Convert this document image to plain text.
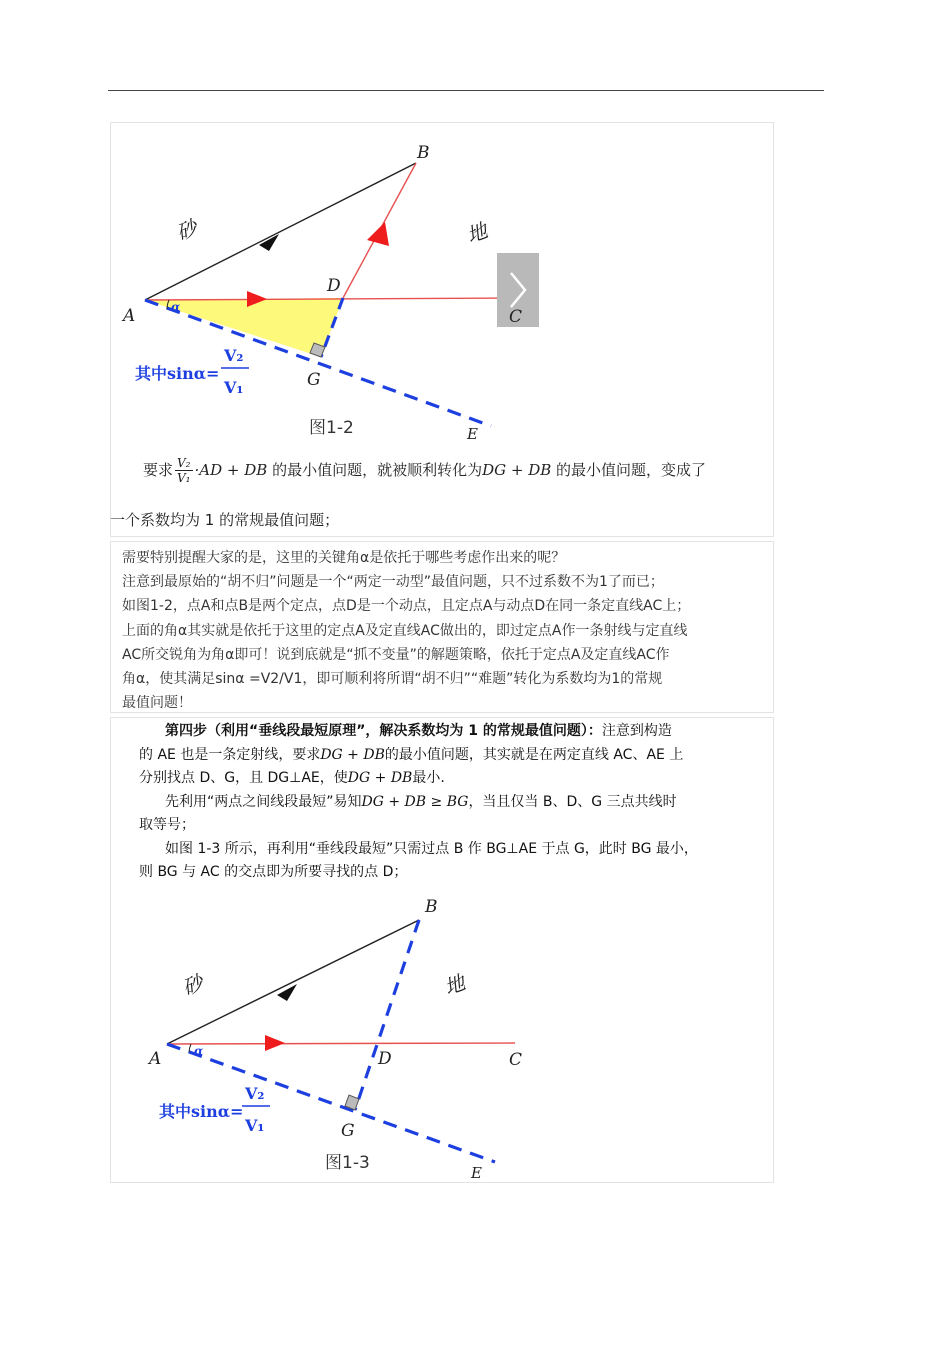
B
A	C
D
G
E
α
砂	地
其中sinα=
V₂
V₁
图1-2
要求 $\frac{\text{V₂}}{\text{V₁}} \cdot AD$ + DB 的最小值问题，就被顺利转化为DG + DB 的最小值问题，变成了
一个系数均为 1 的常规最值问题；
需要特别提醒大家的是，这里的关键角α是依托于哪些考虑作出来的呢？
注意到最原始的“胡不归”问题是一个“两定一动型”最值问题，只不过系数不为1了而已；
如图1-2，点A和点B是两个定点，点D是一个动点，且定点A与动点D在同一条定直线AC上；
上面的角α其实就是依托于这里的定点A及定直线AC做出的，即过定点A作一条射线与定直线
AC所交锐角为角α即可！说到底就是“抓不变量”的解题策略，依托于定点A及定直线AC作
角α，使其满足sinα =V2/V1，即可顺利将所谓“胡不归”“难题”转化为系数均为1的常规
最值问题！
第四步（利用“垂线段最短原理”，解决系数均为 1 的常规最值问题）：注意到构造
的 AE 也是一条定射线，要求DG + DB的最小值问题，其实就是在两定直线 AC、AE 上
分别找点 D、G，且 DG⊥AE，使DG + DB最小.
先利用“两点之间线段最短”易知DG + DB ≥ BG，当且仅当 B、D、G 三点共线时
取等号；
如图 1-3 所示，再利用“垂线段最短”只需过点 B 作 BG⊥AE 于点 G，此时 BG 最小，
则 BG 与 AC 的交点即为所要寻找的点 D；
B
A	C
D
G
E
α
砂	地
其中sinα=
V₂
V₁
图1-3
